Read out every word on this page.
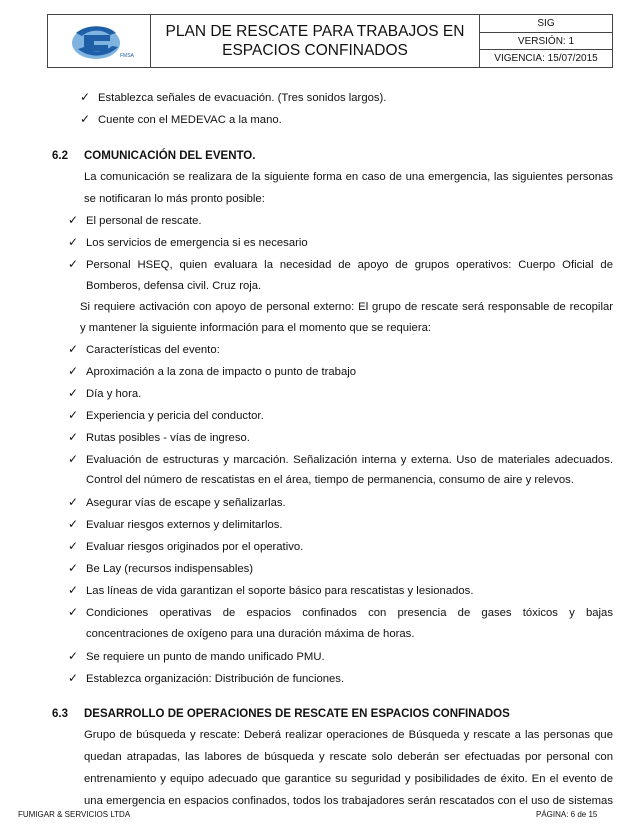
FMSA
PLAN DE RESCATE PARA TRABAJOS EN
ESPACIOS CONFINADOS
SIG
VERSIÓN: 1
VIGENCIA: 15/07/2015
✓ Establezca señales de evacuación. (Tres sonidos largos).
✓ Cuente con el MEDEVAC a la mano.
6.2 COMUNICACIÓN DEL EVENTO.
La comunicación se realizara de la siguiente forma en caso de una emergencia, las siguientes personas
se notificaran lo más pronto posible:
✓ El personal de rescate.
✓ Los servicios de emergencia si es necesario
✓ Personal HSEQ, quien evaluara la necesidad de apoyo de grupos operativos: Cuerpo Oficial de
Bomberos, defensa civil. Cruz roja.
Si requiere activación con apoyo de personal externo: El grupo de rescate será responsable de recopilar
y mantener la siguiente información para el momento que se requiera:
✓ Características del evento:
✓ Aproximación a la zona de impacto o punto de trabajo
✓ Día y hora.
✓ Experiencia y pericia del conductor.
✓ Rutas posibles - vías de ingreso.
✓ Evaluación de estructuras y marcación. Señalización interna y externa. Uso de materiales adecuados.
Control del número de rescatistas en el área, tiempo de permanencia, consumo de aire y relevos.
✓ Asegurar vías de escape y señalizarlas.
✓ Evaluar riesgos externos y delimitarlos.
✓ Evaluar riesgos originados por el operativo.
✓ Be Lay (recursos indispensables)
✓ Las líneas de vida garantizan el soporte básico para rescatistas y lesionados.
✓ Condiciones operativas de espacios confinados con presencia de gases tóxicos y bajas
concentraciones de oxígeno para una duración máxima de horas.
✓ Se requiere un punto de mando unificado PMU.
✓ Establezca organización: Distribución de funciones.
6.3 DESARROLLO DE OPERACIONES DE RESCATE EN ESPACIOS CONFINADOS
Grupo de búsqueda y rescate: Deberá realizar operaciones de Búsqueda y rescate a las personas que
quedan atrapadas, las labores de búsqueda y rescate solo deberán ser efectuadas por personal con
entrenamiento y equipo adecuado que garantice su seguridad y posibilidades de éxito. En el evento de
una emergencia en espacios confinados, todos los trabajadores serán rescatados con el uso de sistemas
FUMIGAR & SERVICIOS LTDA	PÁGINA: 6 de 15
